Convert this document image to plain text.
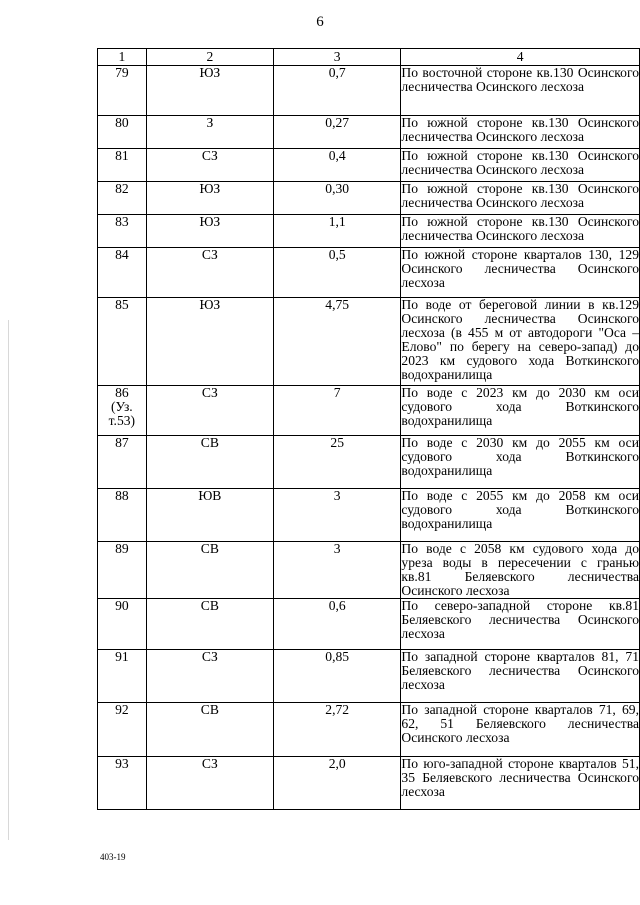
6
1	2	3	4
79	ЮЗ	0,7	По восточной стороне кв.130 Осинского лесничества Осинского лесхоза
80	З	0,27	По южной стороне кв.130 Осинского лесничества Осинского лесхоза
81	СЗ	0,4	По южной стороне кв.130 Осинского лесничества Осинского лесхоза
82	ЮЗ	0,30	По южной стороне кв.130 Осинского лесничества Осинского лесхоза
83	ЮЗ	1,1	По южной стороне кв.130 Осинского лесничества Осинского лесхоза
84	СЗ	0,5	По южной стороне кварталов 130, 129 Осинского лесничества Осинского лесхоза
85	ЮЗ	4,75	По воде от береговой линии в кв.129 Осинского лесничества Осинского лесхоза (в 455 м от автодороги "Оса – Елово" по берегу на северо-запад) до 2023 км судового хода Воткинского водохранилища

86
(Уз.
т.53)	СЗ	7	По воде с 2023 км до 2030 км оси судового хода Воткинского водохранилища
87	СВ	25	По воде с 2030 км до 2055 км оси судового хода Воткинского водохранилища
88	ЮВ	3	По воде с 2055 км до 2058 км оси судового хода Воткинского водохранилища
89	СВ	3	По воде с 2058 км судового хода до уреза воды в пересечении с гранью кв.81 Беляевского лесничества Осинского лесхоза
90	СВ	0,6	По северо-западной стороне кв.81 Беляевского лесничества Осинского лесхоза
91	СЗ	0,85	По западной стороне кварталов 81, 71 Беляевского лесничества Осинского лесхоза
92	СВ	2,72	По западной стороне кварталов 71, 69, 62, 51 Беляевского лесничества Осинского лесхоза
93	СЗ	2,0	По юго-западной стороне кварталов 51, 35 Беляевского лесничества Осинского лесхоза
403-19
